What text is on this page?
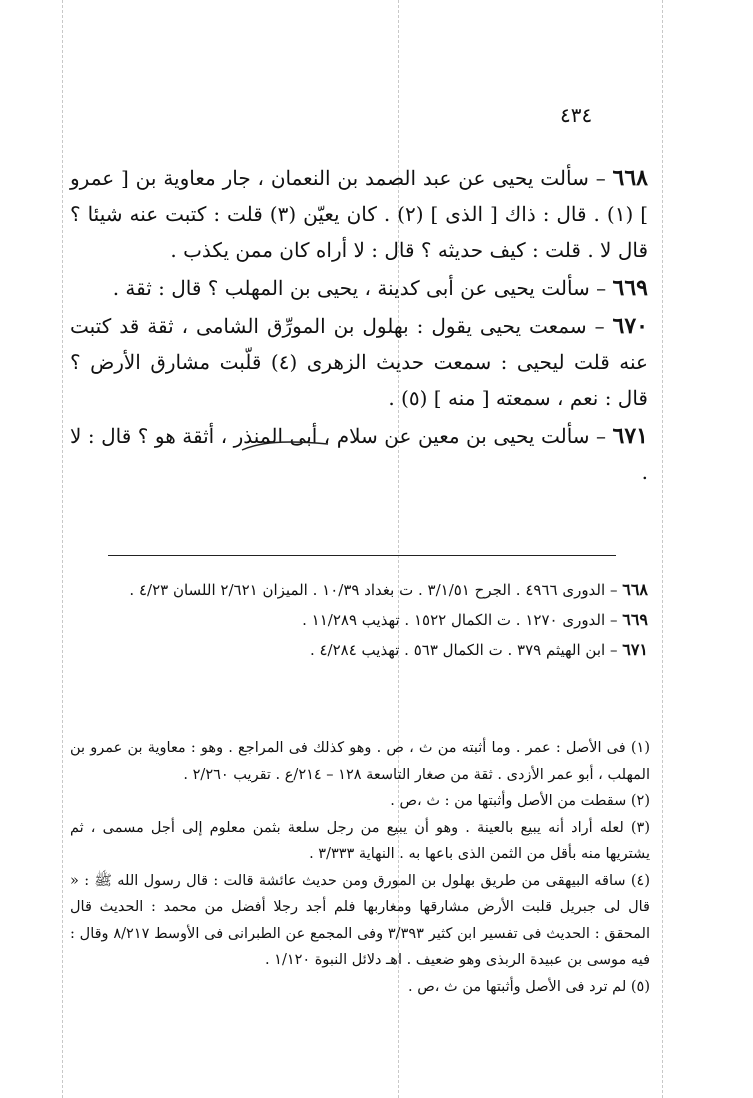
٤٣٤

٦٦٨ – سألت يحيى عن عبد الصمد بن النعمان ، جار معاوية بن [ عمرو ] (١) . قال : ذاك [ الذى ] (٢) . كان يعيّن (٣) قلت : كتبت عنه شيئا ؟ قال لا . قلت : كيف حديثه ؟ قال : لا أراه كان ممن يكذب .

٦٦٩ – سألت يحيى عن أبى كدينة ، يحيى بن المهلب ؟ قال : ثقة .

٦٧٠ – سمعت يحيى يقول : بهلول بن المورِّق الشامى ، ثقة قد كتبت عنه قلت ليحيى : سمعت حديث الزهرى (٤) قلّبت مشارق الأرض ؟ قال : نعم ، سمعته [ منه ] (٥) .

٦٧١ – سألت يحيى بن معين عن سلام ، أبى المنذر ، أثقة هو ؟ قال : لا .

٦٦٨ – الدورى ٤٩٦٦ . الجرح ٣/١/٥١ . ت بغداد ١٠/٣٩ . الميزان ٢/٦٢١ اللسان ٤/٢٣ .

٦٦٩ – الدورى ١٢٧٠ . ت الكمال ١٥٢٢ . تهذيب ١١/٢٨٩ .

٦٧١ – ابن الهيثم ٣٧٩ . ت الكمال ٥٦٣ . تهذيب ٤/٢٨٤ .

(١) فى الأصل : عمر . وما أثبته من ث ، ص . وهو كذلك فى المراجع . وهو : معاوية بن عمرو بن المهلب ، أبو عمر الأزدى . ثقة من صغار التاسعة ١٢٨ – ٢١٤/ع . تقريب ٢/٢٦٠ .

(٢) سقطت من الأصل وأثبتها من : ث ،ص .

(٣) لعله أراد أنه يبيع بالعينة . وهو أن يبيع من رجل سلعة بثمن معلوم إلى أجل مسمى ، ثم يشتريها منه بأقل من الثمن الذى باعها به . النهاية ٣/٣٣٣ .

(٤) ساقه البيهقى من طريق بهلول بن المورق ومن حديث عائشة قالت : قال رسول الله ﷺ : « قال لى جبريل قلبت الأرض مشارقها ومغاربها فلم أجد رجلا أفضل من محمد : الحديث قال المحقق : الحديث فى تفسير ابن كثير ٣/٣٩٣ وفى المجمع عن الطبرانى فى الأوسط ٨/٢١٧ وقال : فيه موسى بن عبيدة الربذى وهو ضعيف . اهـ دلائل النبوة ١/١٢٠ .

(٥) لم ترد فى الأصل وأثبتها من ث ،ص .
